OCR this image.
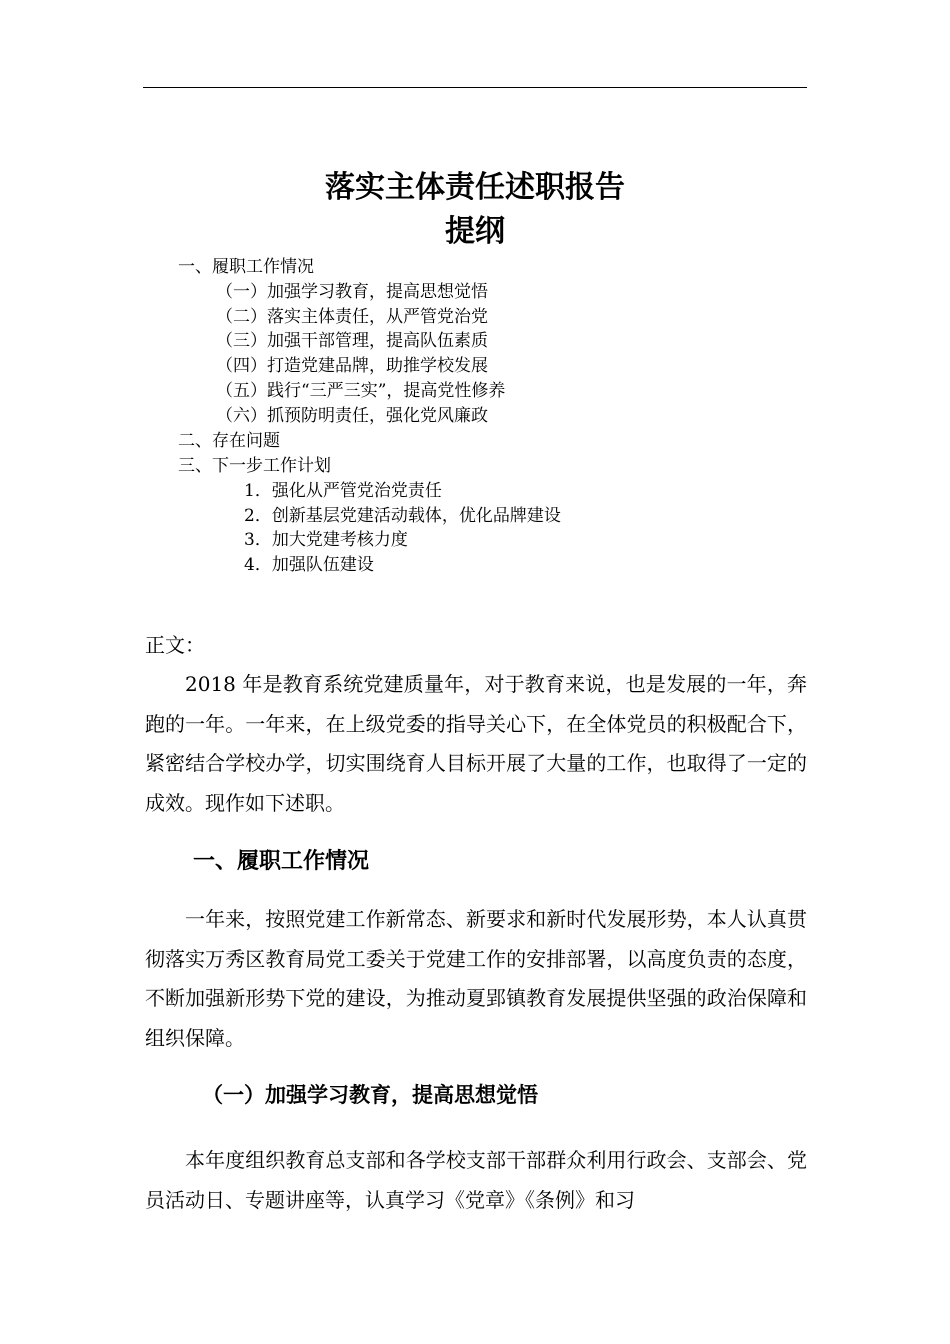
落实主体责任述职报告
提纲
一、履职工作情况
（一）加强学习教育，提高思想觉悟
（二）落实主体责任，从严管党治党
（三）加强干部管理，提高队伍素质
（四）打造党建品牌，助推学校发展
（五）践行“三严三实”，提高党性修养
（六）抓预防明责任，强化党风廉政
二、存在问题
三、下一步工作计划
1．强化从严管党治党责任
2．创新基层党建活动载体，优化品牌建设
3．加大党建考核力度
4．加强队伍建设
正文：
2018 年是教育系统党建质量年，对于教育来说，也是发展的一年，奔跑的一年。一年来，在上级党委的指导关心下，在全体党员的积极配合下，紧密结合学校办学，切实围绕育人目标开展了大量的工作，也取得了一定的成效。现作如下述职。
一、履职工作情况
一年来，按照党建工作新常态、新要求和新时代发展形势，本人认真贯彻落实万秀区教育局党工委关于党建工作的安排部署，以高度负责的态度，不断加强新形势下党的建设，为推动夏郢镇教育发展提供坚强的政治保障和组织保障。
（一）加强学习教育，提高思想觉悟
本年度组织教育总支部和各学校支部干部群众利用行政会、支部会、党员活动日、专题讲座等，认真学习《党章》《条例》和习
